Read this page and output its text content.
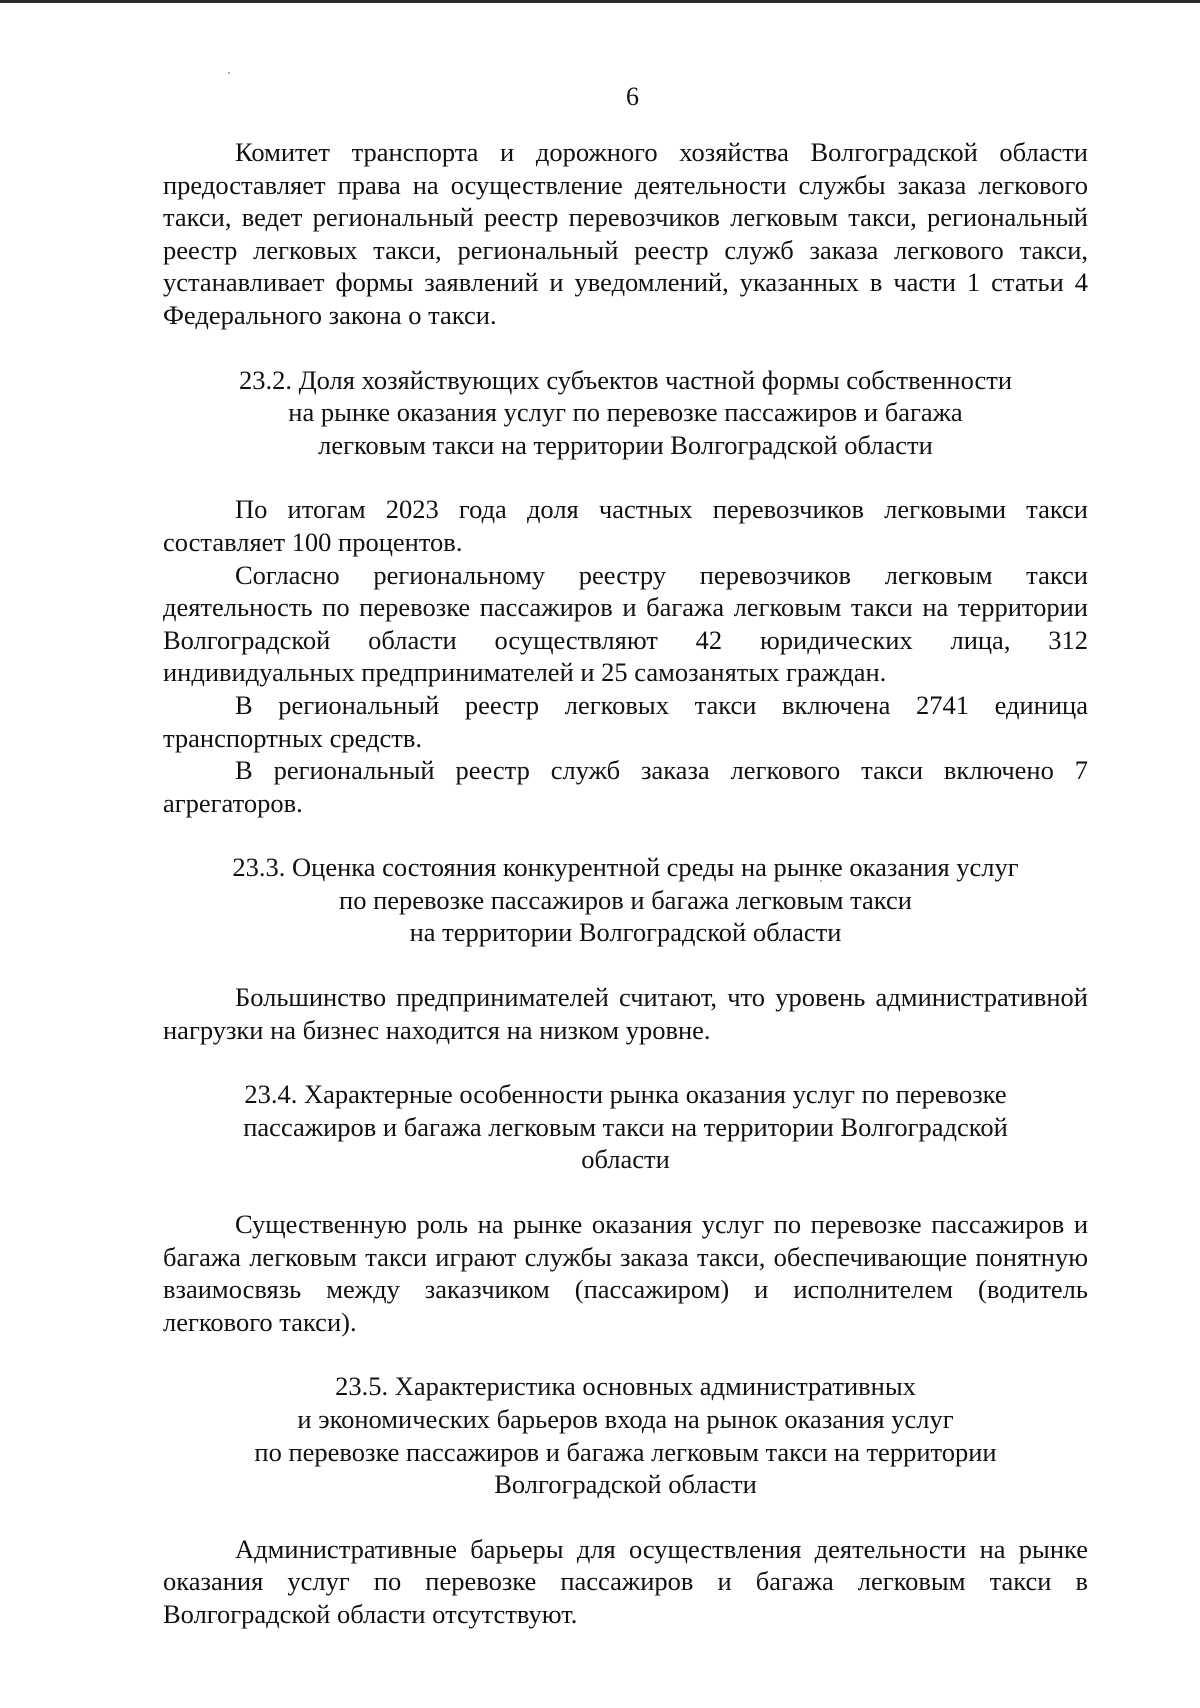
6

Комитет транспорта и дорожного хозяйства Волгоградской области предоставляет права на осуществление деятельности службы заказа легкового такси, ведет региональный реестр перевозчиков легковым такси, региональный реестр легковых такси, региональный реестр служб заказа легкового такси, устанавливает формы заявлений и уведомлений, указанных в части 1 статьи 4 Федерального закона о такси.

23.2. Доля хозяйствующих субъектов частной формы собственности
на рынке оказания услуг по перевозке пассажиров и багажа
легковым такси на территории Волгоградской области

По итогам 2023 года доля частных перевозчиков легковыми такси составляет 100 процентов.

Согласно региональному реестру перевозчиков легковым такси деятельность по перевозке пассажиров и багажа легковым такси на территории Волгоградской области осуществляют 42 юридических лица, 312 индивидуальных предпринимателей и 25 самозанятых граждан.

В региональный реестр легковых такси включена 2741 единица транспортных средств.

В региональный реестр служб заказа легкового такси включено 7 агрегаторов.

23.3. Оценка состояния конкурентной среды на рынке оказания услуг
по перевозке пассажиров и багажа легковым такси
на территории Волгоградской области

Большинство предпринимателей считают, что уровень административной нагрузки на бизнес находится на низком уровне.

23.4. Характерные особенности рынка оказания услуг по перевозке
пассажиров и багажа легковым такси на территории Волгоградской
области

Существенную роль на рынке оказания услуг по перевозке пассажиров и багажа легковым такси играют службы заказа такси, обеспечивающие понятную взаимосвязь между заказчиком (пассажиром) и исполнителем (водитель легкового такси).

23.5. Характеристика основных административных
и экономических барьеров входа на рынок оказания услуг
по перевозке пассажиров и багажа легковым такси на территории
Волгоградской области

Административные барьеры для осуществления деятельности на рынке оказания услуг по перевозке пассажиров и багажа легковым такси в Волгоградской области отсутствуют.
